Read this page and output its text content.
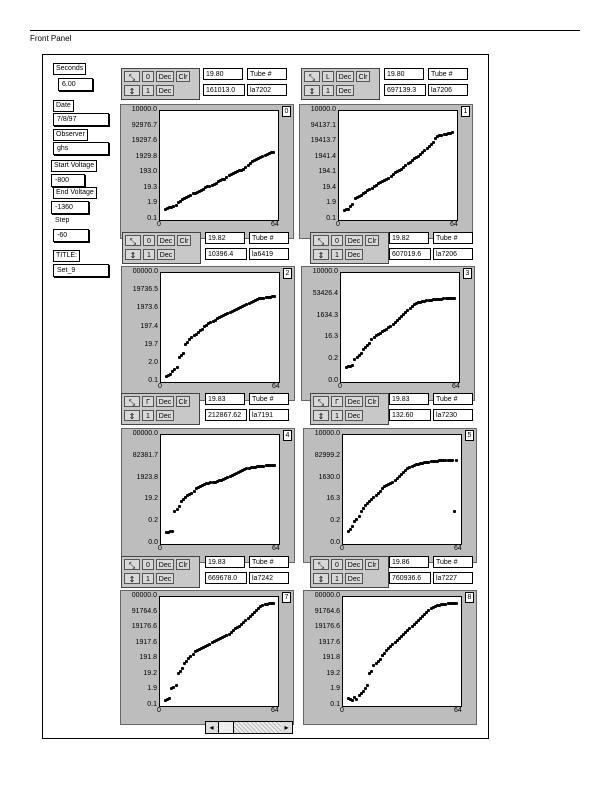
Front Panel
Seconds
6.00
Date
7/8/97
Observer
ghs
Start Voltage
-800
End Voltage
-1360
Step
-60
TITLE:
Set_9
⤡
⇕
0	Dec	Clr
1	Dec
19.80	Tube #
161013.0	la7202
0
10000.0
92976.7
19297.6
1929.8
193.0
19.3
1.9
0.1
0	64
⤡
⇕
L	Dec	Clr
1	Dec
19.80	Tube #
697139.3	la7206
1
10000.0
94137.1
19413.7
1941.4
194.1
19.4
1.9
0.1
0	64
⤡
⇕
0	Dec	Clr
1	Dec
19.82	Tube #
10396.4	la6419
2
00000.0
19736.5
1973.6
197.4
19.7
2.0
0.1
0	64
⤡
⇕
0	Dec	Clr
1	Dec
19.82	Tube #
607019.6	la7206
3
10000.0
53426.4
1634.3
16.3
0.2
0.0
0	64
⤡
⇕
Γ	Dec	Clr
1	Dec
19.83	Tube #
212867.62	la7191
4
00000.0
82381.7
1923.8
19.2
0.2
0.0
0	64
⤡
⇕
Γ	Dec	Clr
1	Dec
19.83	Tube #
132.60	la7230
5
10000.0
82999.2
1630.0
16.3
0.2
0.0
0	64
⤡
⇕
0	Dec	Clr
1	Dec
19.83	Tube #
669678.0	la7242
7
00000.0
91764.6
19176.6
1917.6
191.8
19.2
1.9
0.1
0	64
⤡
⇕
0	Dec	Clr
1	Dec
19.86	Tube #
760936.6	la7227
8
00000.0
91764.6
19176.6
1917.6
191.8
19.2
1.9
0.1
0	64
◂	▸
